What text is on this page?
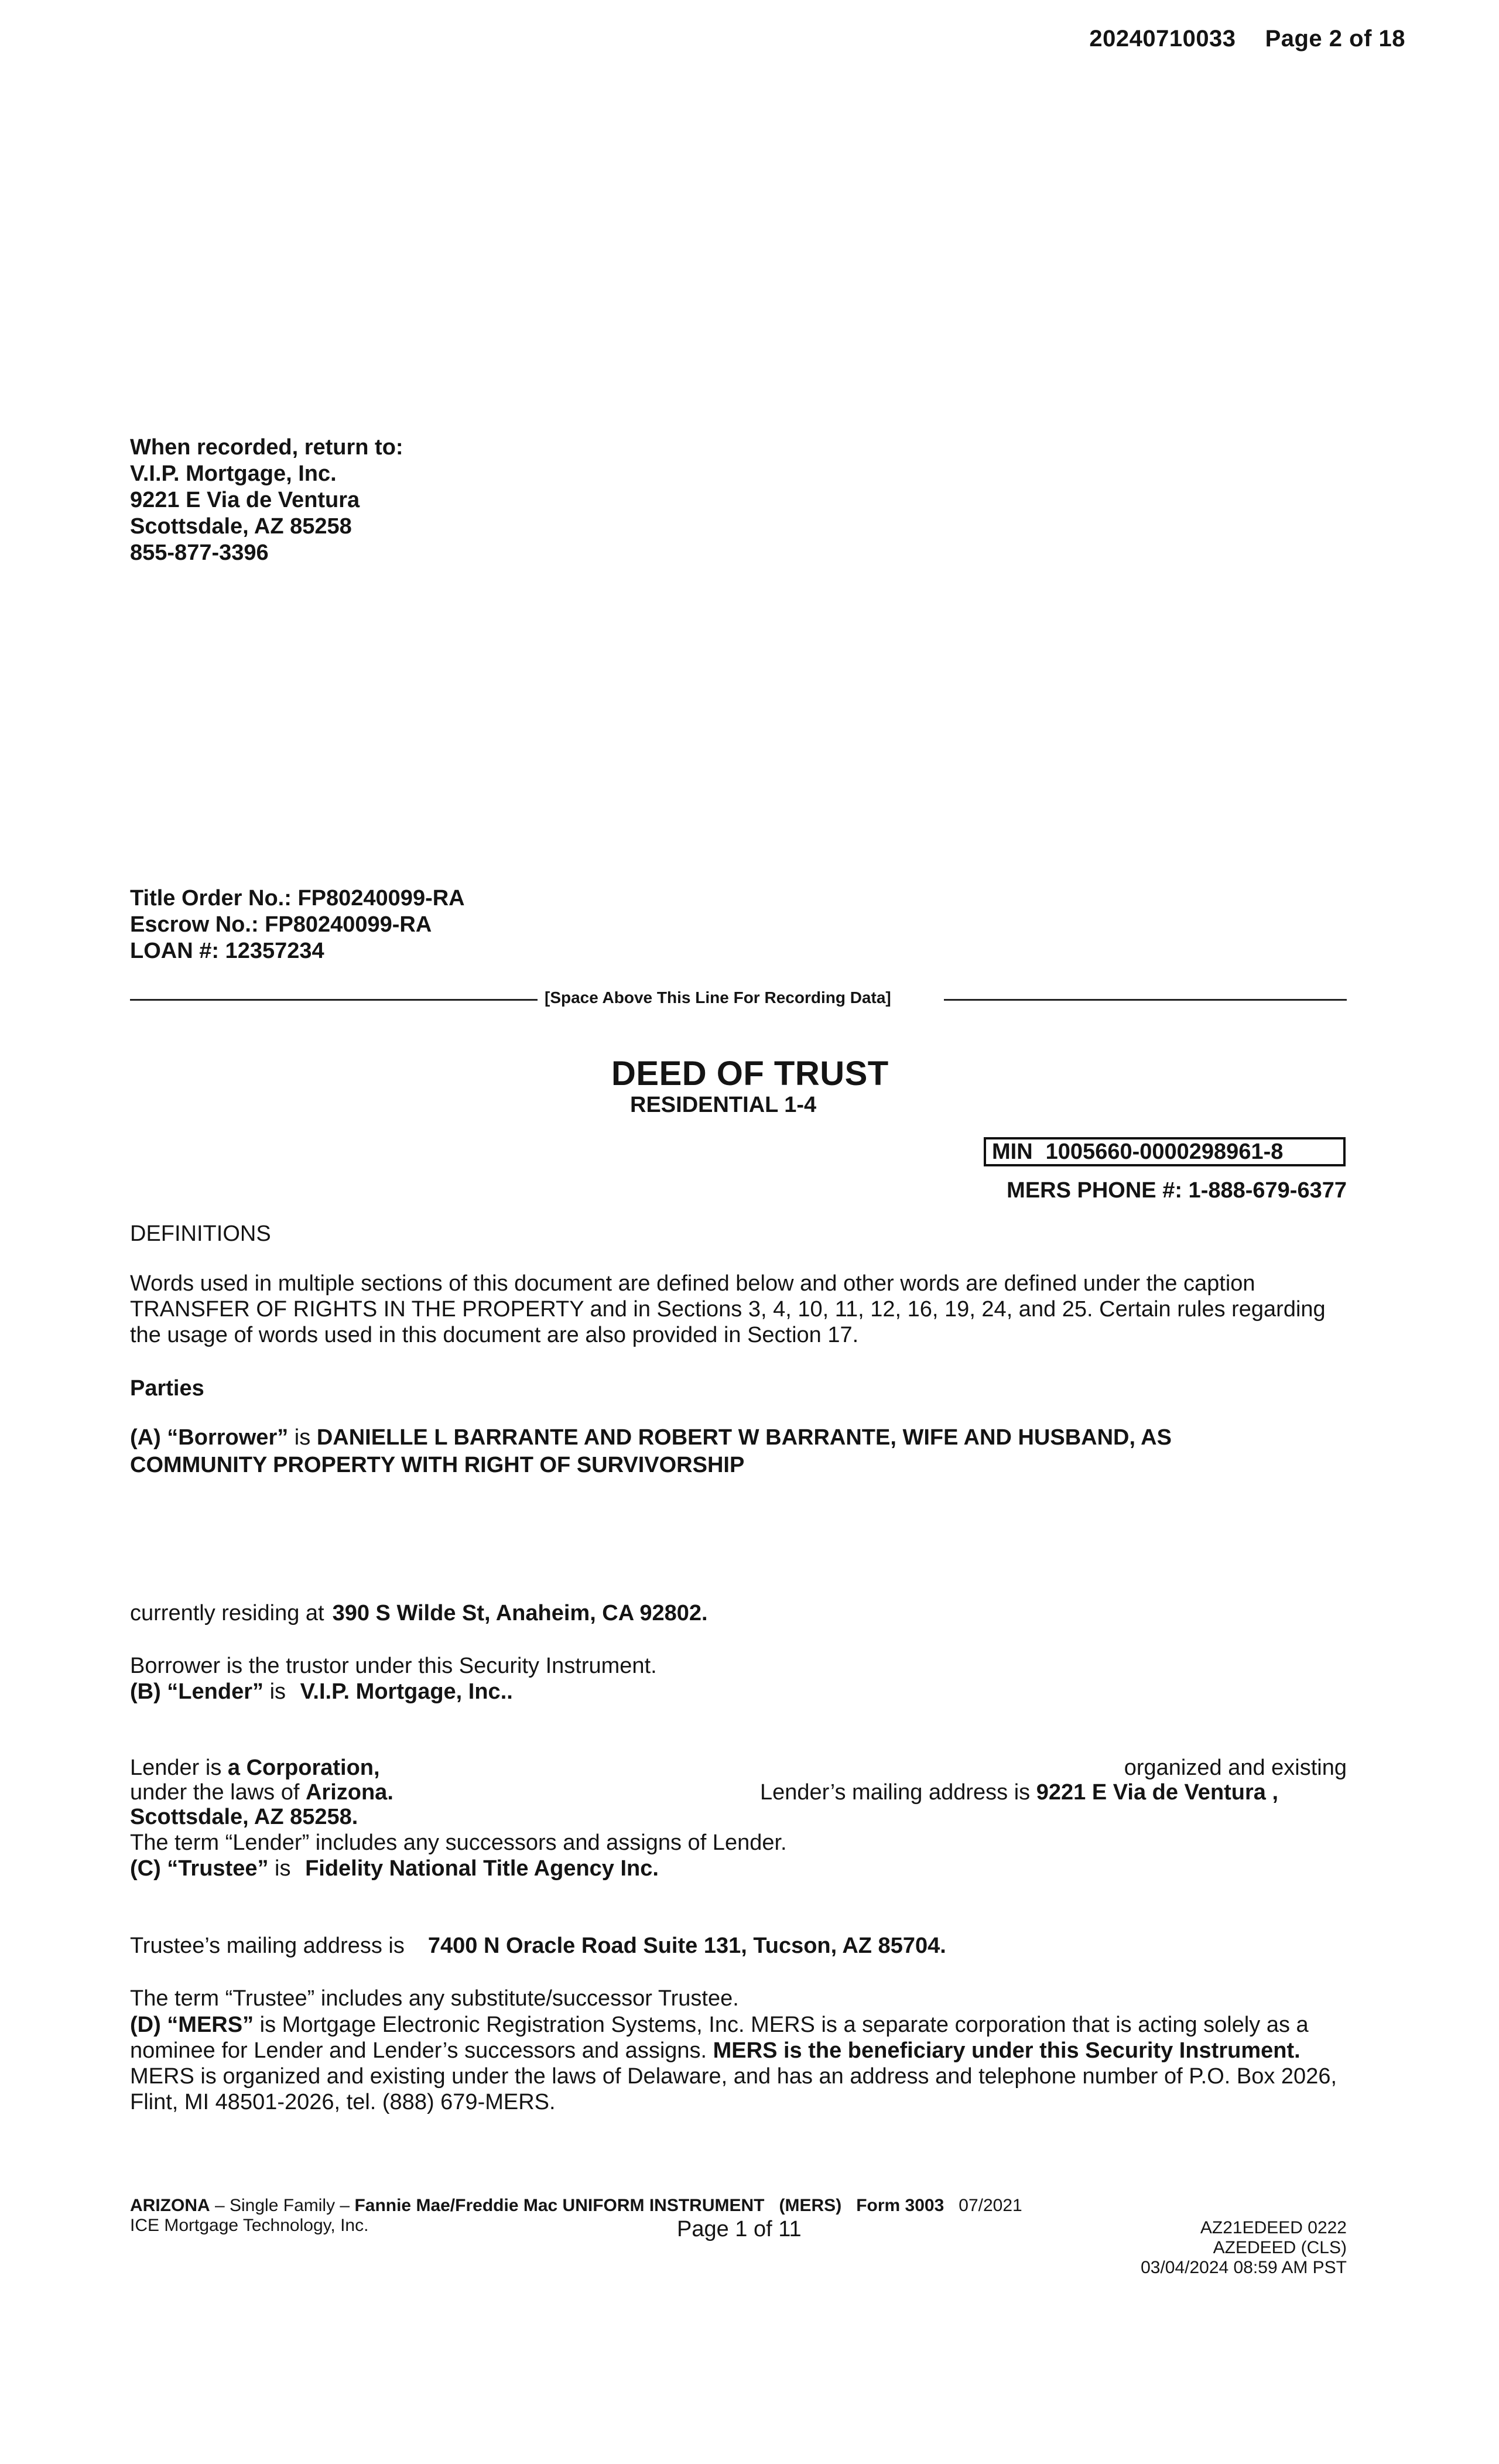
20240710033 Page 2 of 18
When recorded, return to:
V.I.P. Mortgage, Inc.
9221 E Via de Ventura
Scottsdale, AZ 85258
855-877-3396
Title Order No.: FP80240099-RA
Escrow No.: FP80240099-RA
LOAN #: 12357234
[Space Above This Line For Recording Data]
DEED OF TRUST
RESIDENTIAL 1-4
MIN 1005660-0000298961-8
MERS PHONE #: 1-888-679-6377
DEFINITIONS
Words used in multiple sections of this document are defined below and other words are defined under the caption TRANSFER OF RIGHTS IN THE PROPERTY and in Sections 3, 4, 10, 11, 12, 16, 19, 24, and 25. Certain rules regarding the usage of words used in this document are also provided in Section 17.
Parties
(A) “Borrower” is DANIELLE L BARRANTE AND ROBERT W BARRANTE, WIFE AND HUSBAND, AS COMMUNITY PROPERTY WITH RIGHT OF SURVIVORSHIP
currently residing at 390 S Wilde St, Anaheim, CA 92802.
Borrower is the trustor under this Security Instrument.
(B) “Lender” is V.I.P. Mortgage, Inc..
Lender is a Corporation,	organized and existing
under the laws of Arizona.	Lender’s mailing address is 9221 E Via de Ventura ,
Scottsdale, AZ 85258.
The term “Lender” includes any successors and assigns of Lender.
(C) “Trustee” is Fidelity National Title Agency Inc.
Trustee’s mailing address is 7400 N Oracle Road Suite 131, Tucson, AZ 85704.
The term “Trustee” includes any substitute/successor Trustee.
(D) “MERS” is Mortgage Electronic Registration Systems, Inc. MERS is a separate corporation that is acting solely as a nominee for Lender and Lender’s successors and assigns. MERS is the beneficiary under this Security Instrument. MERS is organized and existing under the laws of Delaware, and has an address and telephone number of P.O. Box 2026, Flint, MI 48501-2026, tel. (888) 679-MERS.
ARIZONA – Single Family – Fannie Mae/Freddie Mac UNIFORM INSTRUMENT (MERS) Form 3003 07/2021
ICE Mortgage Technology, Inc.	Page 1 of 11	AZ21EDEED 0222
AZEDEED (CLS)
03/04/2024 08:59 AM PST
